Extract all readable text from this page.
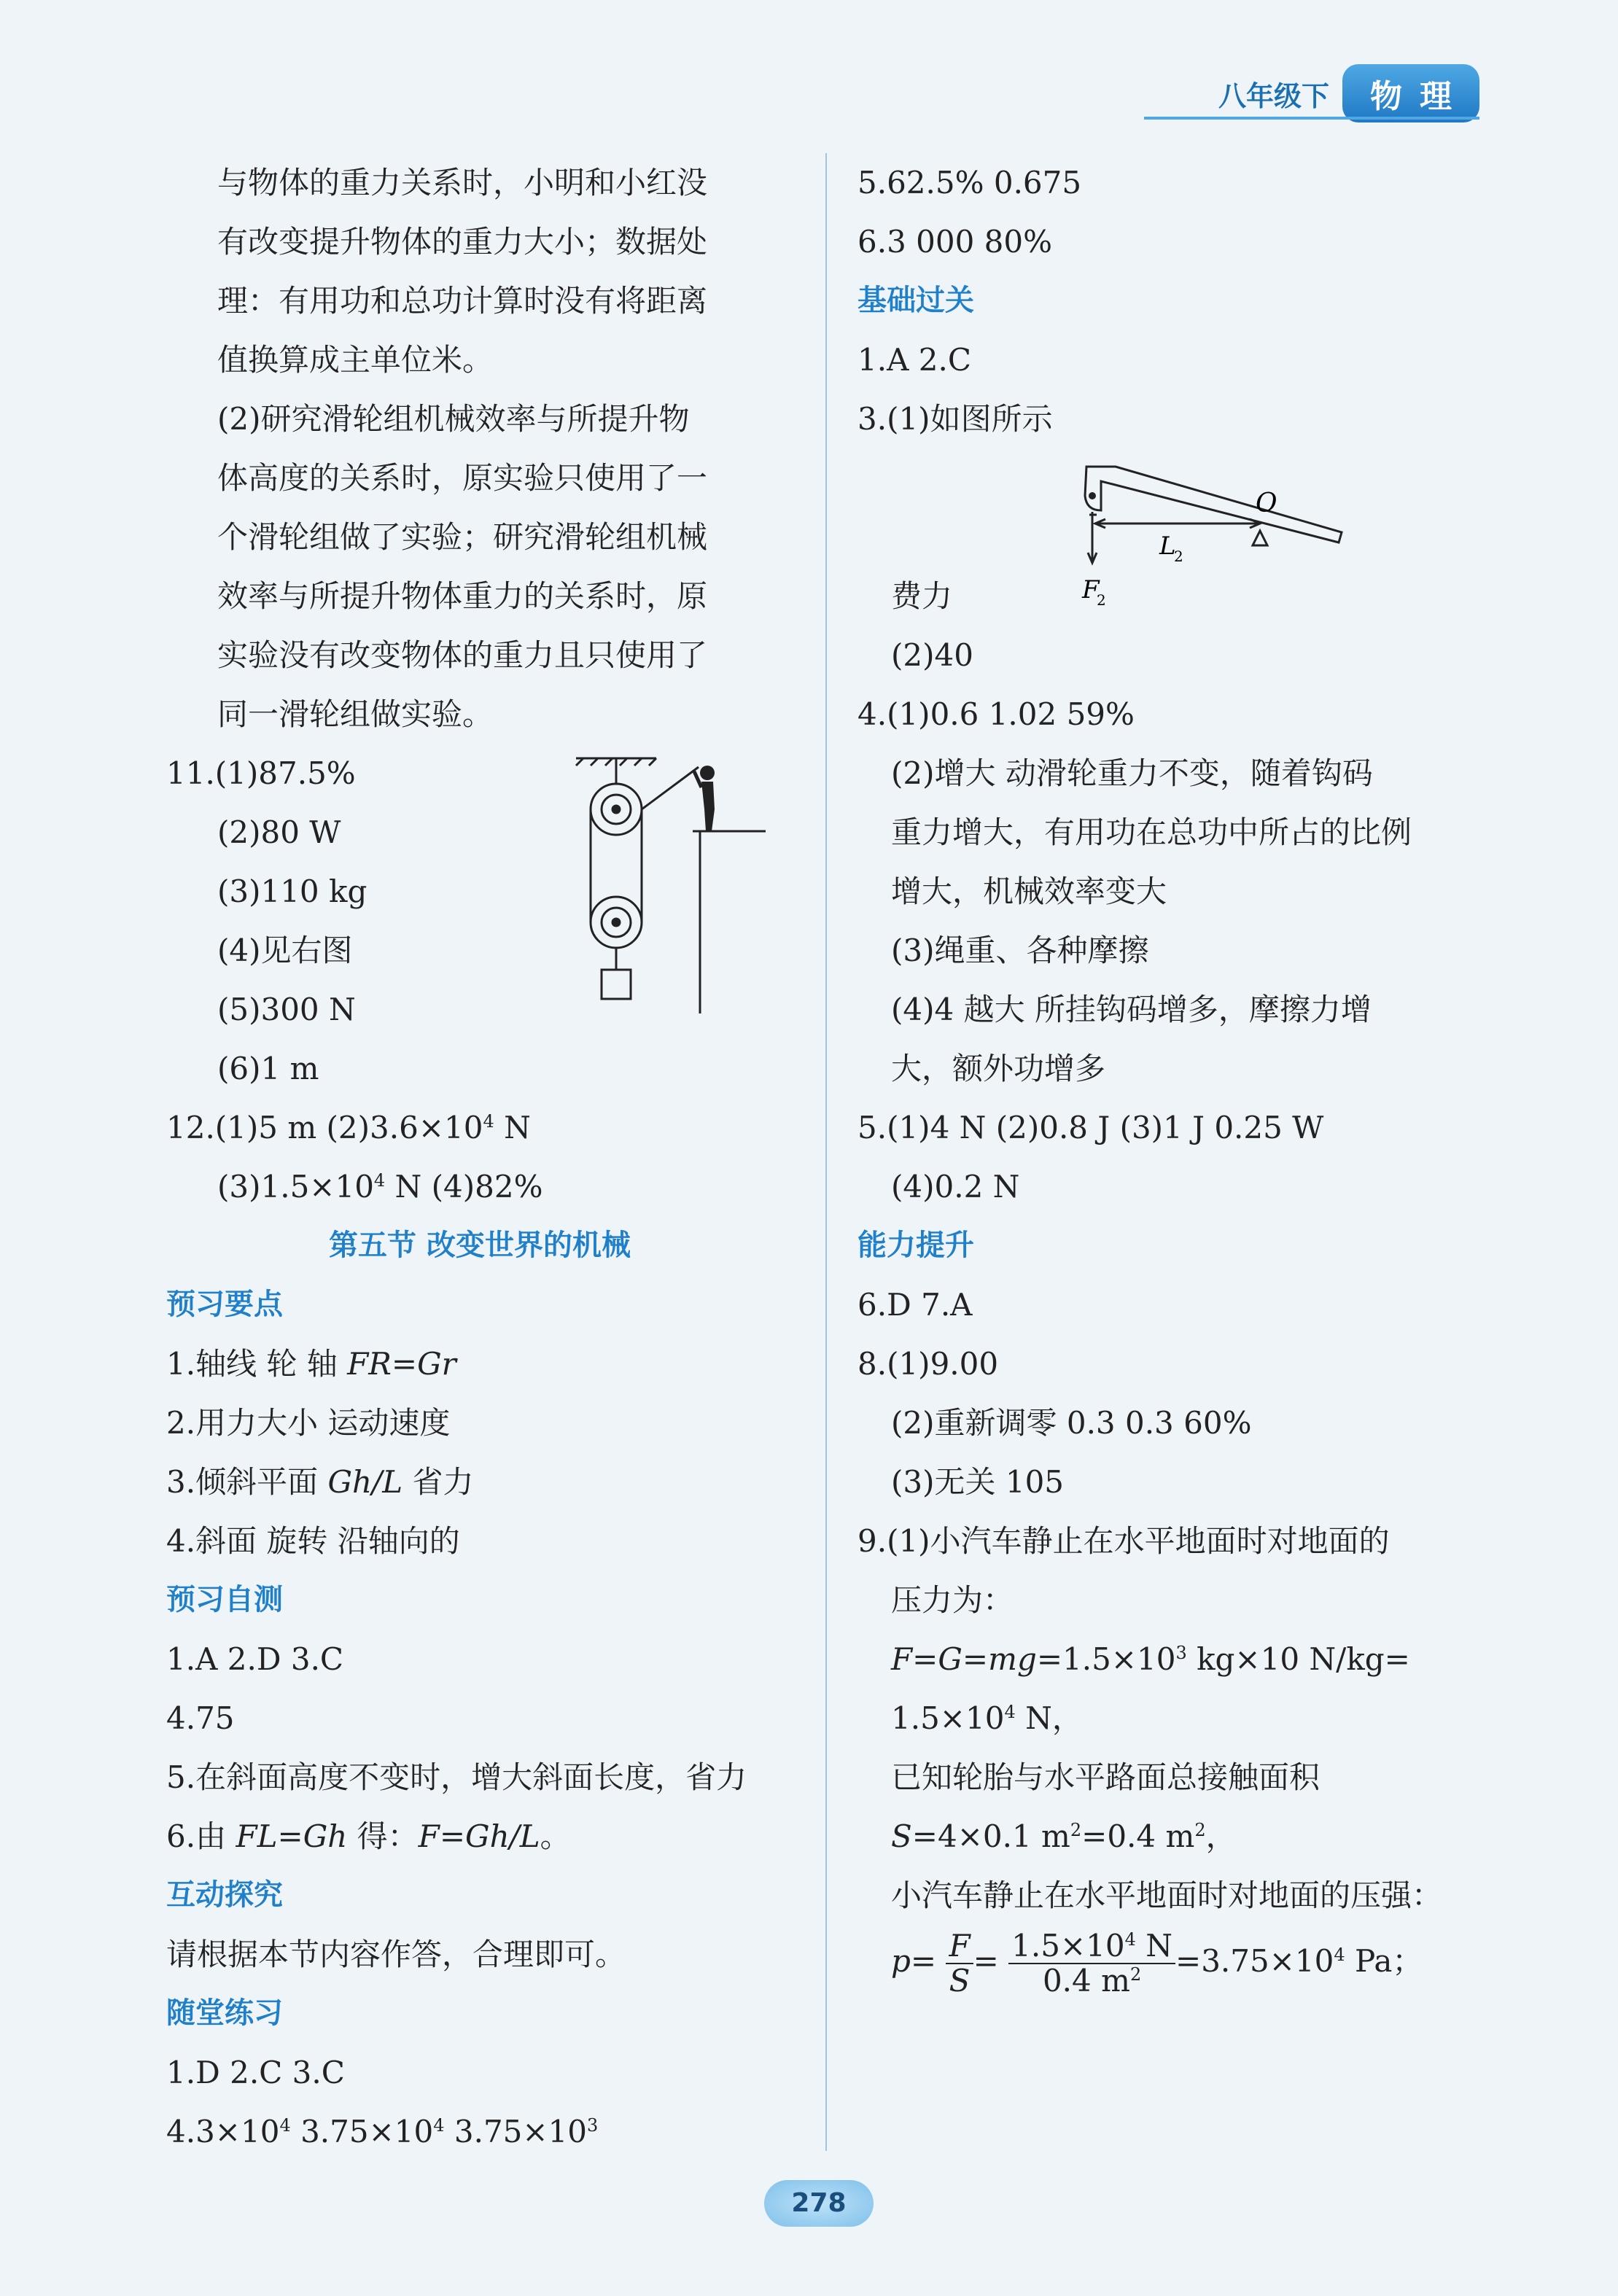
八年级下	物理
与物体的重力关系时，小明和小红没
有改变提升物体的重力大小；数据处
理：有用功和总功计算时没有将距离
值换算成主单位米。
(2)研究滑轮组机械效率与所提升物
体高度的关系时，原实验只使用了一
个滑轮组做了实验；研究滑轮组机械
效率与所提升物体重力的关系时，原
实验没有改变物体的重力且只使用了
同一滑轮组做实验。
11.(1)87.5%
(2)80 W
(3)110 kg
(4)见右图
(5)300 N
(6)1 m
12.(1)5 m $(2)3.6\times 10^4$ N
$(3)1.5\times 10^4$ N (4)82%
第五节 改变世界的机械
预习要点
1.轴线 轮 轴 FR=Gr
2.用力大小 运动速度
3.倾斜平面 Gh/L 省力
4.斜面 旋转 沿轴向的
预习自测
1.A 2.D 3.C
4.75
5.在斜面高度不变时，增大斜面长度，省力
6.由 FL=Gh 得：F=Gh/L。
互动探究
请根据本节内容作答，合理即可。
随堂练习
1.D 2.C 3.C
$4.3\times 10^4$ $3.75\times 10^4$ $3.75\times 10^3$
5.62.5% 0.675
6.3 000 80%
基础过关
1.A 2.C
3.(1)如图所示
费力
(2)40
4.(1)0.6 1.02 59%
(2)增大 动滑轮重力不变，随着钩码
重力增大，有用功在总功中所占的比例
增大，机械效率变大
(3)绳重、各种摩擦
(4)4 越大 所挂钩码增多，摩擦力增
大，额外功增多
5.(1)4 N (2)0.8 J (3)1 J 0.25 W
(4)0.2 N
能力提升
6.D 7.A
8.(1)9.00
(2)重新调零 0.3 0.3 60%
(3)无关 105
9.(1)小汽车静止在水平地面时对地面的
压力为：
$F=G=mg=1.5\times 10^3$ kg×10 N/kg=
$1.5\times 10^4$ N，
已知轮胎与水平路面总接触面积
S=4×0.1 $m^2=0.4$ $m^2$，
小汽车静止在水平地面时对地面的压强：
$p= \frac{F}{S} = \frac{1.5\times 10^4 N}{0.4 m^2} =3.75\times 10^4$ Pa；
O
L
2
F
2
278
